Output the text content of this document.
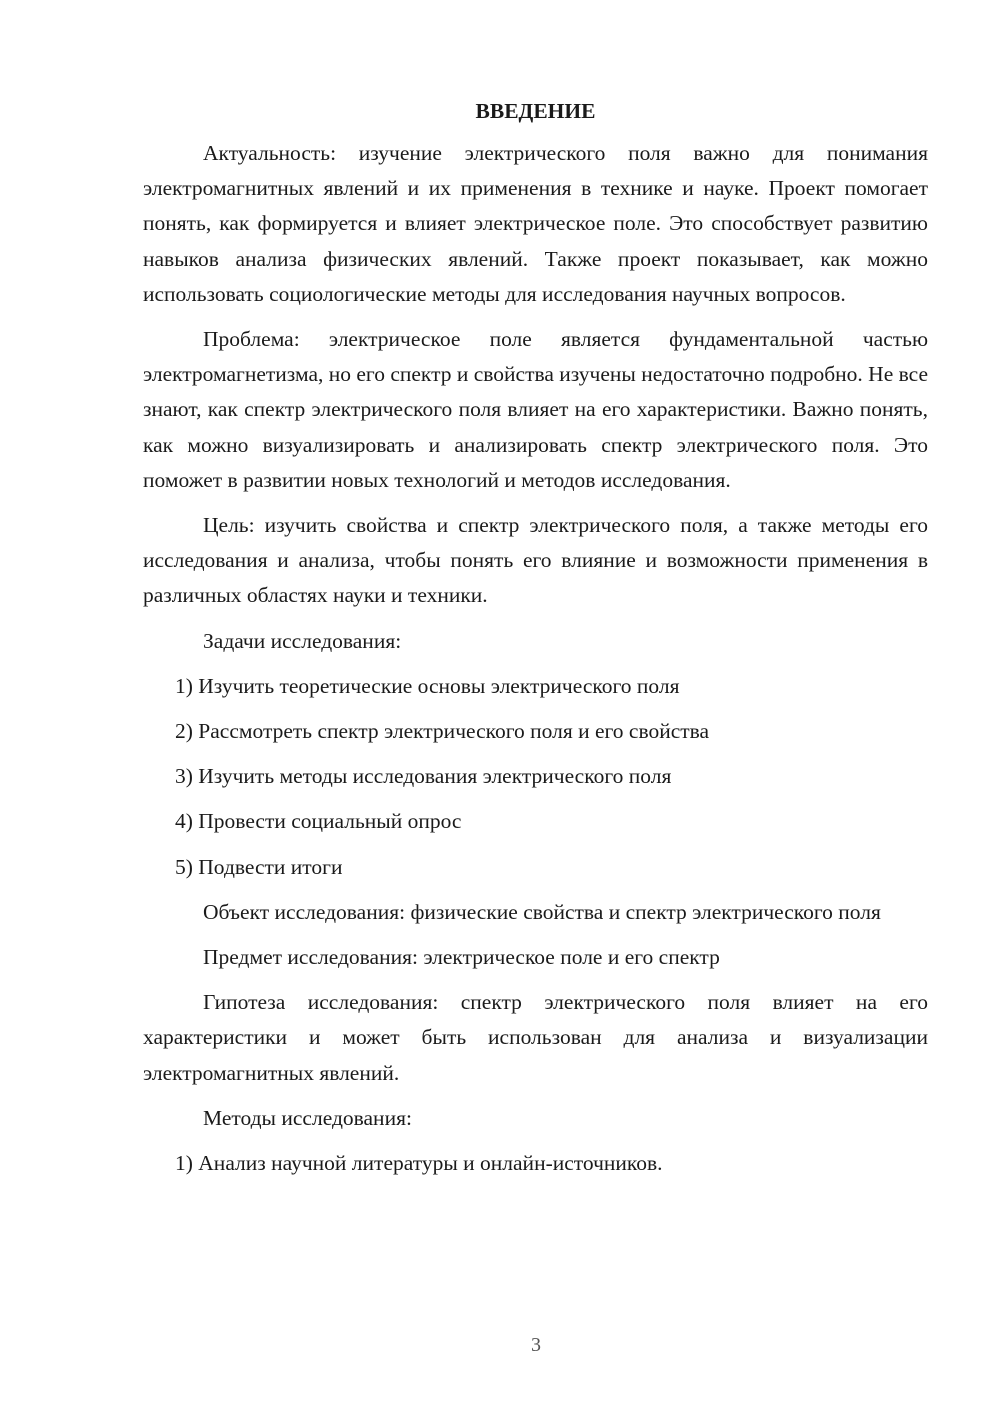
ВВЕДЕНИЕ

Актуальность: изучение электрического поля важно для понимания электромагнитных явлений и их применения в технике и науке. Проект помогает понять, как формируется и влияет электрическое поле. Это способствует развитию навыков анализа физических явлений. Также проект показывает, как можно использовать социологические методы для исследования научных вопросов.

Проблема: электрическое поле является фундаментальной частью электромагнетизма, но его спектр и свойства изучены недостаточно подробно. Не все знают, как спектр электрического поля влияет на его характеристики. Важно понять, как можно визуализировать и анализировать спектр электрического поля. Это поможет в развитии новых технологий и методов исследования.

Цель: изучить свойства и спектр электрического поля, а также методы его исследования и анализа, чтобы понять его влияние и возможности применения в различных областях науки и техники.

Задачи исследования:

1) Изучить теоретические основы электрического поля
2) Рассмотреть спектр электрического поля и его свойства
3) Изучить методы исследования электрического поля
4) Провести социальный опрос
5) Подвести итоги

Объект исследования: физические свойства и спектр электрического поля

Предмет исследования: электрическое поле и его спектр

Гипотеза исследования: спектр электрического поля влияет на его характеристики и может быть использован для анализа и визуализации электромагнитных явлений.

Методы исследования:

1) Анализ научной литературы и онлайн-источников.
3
